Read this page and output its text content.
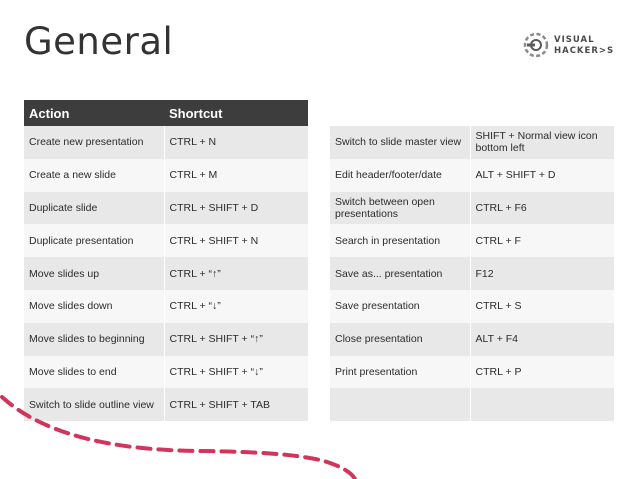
General	VISUAL
HACKER>S
Action	Shortcut
Create new presentation	CTRL + N
Create a new slide	CTRL + M
Duplicate slide	CTRL + SHIFT + D
Duplicate presentation	CTRL + SHIFT + N
Move slides up	CTRL + “↑”
Move slides down	CTRL + “↓”
Move slides to beginning	CTRL + SHIFT + “↑”
Move slides to end	CTRL + SHIFT + “↓”
Switch to slide outline view	CTRL + SHIFT + TAB
Switch to slide master view	SHIFT + Normal view icon bottom left
Edit header/footer/date	ALT + SHIFT + D
Switch between open presentations	CTRL + F6
Search in presentation	CTRL + F
Save as... presentation	F12
Save presentation	CTRL + S
Close presentation	ALT + F4
Print presentation	CTRL + P
